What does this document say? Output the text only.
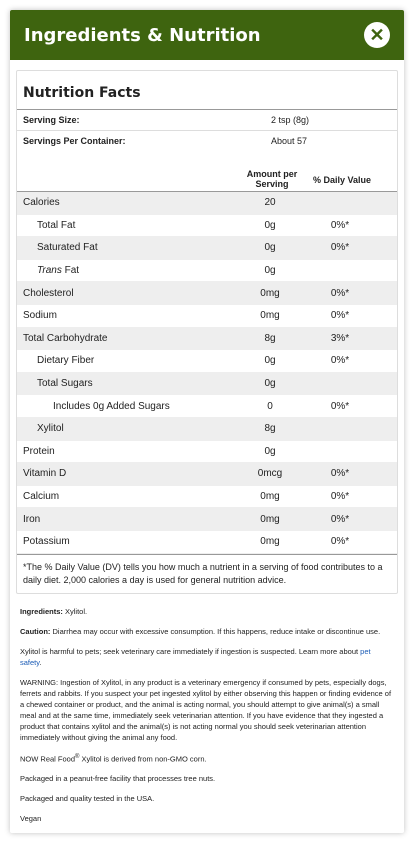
Ingredients & Nutrition	✕
Nutrition Facts
Serving Size:	2 tsp (8g)
Servings Per Container:	About 57
Amount per Serving	% Daily Value
Calories	20
Total Fat	0g	0%*
Saturated Fat	0g	0%*
Trans Fat	0g
Cholesterol	0mg	0%*
Sodium	0mg	0%*
Total Carbohydrate	8g	3%*
Dietary Fiber	0g	0%*
Total Sugars	0g
Includes 0g Added Sugars	0	0%*
Xylitol	8g
Protein	0g
Vitamin D	0mcg	0%*
Calcium	0mg	0%*
Iron	0mg	0%*
Potassium	0mg	0%*
*The % Daily Value (DV) tells you how much a nutrient in a serving of food contributes to a daily diet. 2,000 calories a day is used for general nutrition advice.

Ingredients: Xylitol.

Caution: Diarrhea may occur with excessive consumption. If this happens, reduce intake or discontinue use.

Xylitol is harmful to pets; seek veterinary care immediately if ingestion is suspected. Learn more about pet safety.

WARNING: Ingestion of Xylitol, in any product is a veterinary emergency if consumed by pets, especially dogs, ferrets and rabbits. If you suspect your pet ingested xylitol by either observing this happen or finding evidence of a chewed container or product, and the animal is acting normal, you should attempt to give animal(s) a small meal and at the same time, immediately seek veterinarian attention. If you have evidence that they ingested a product that contains xylitol and the animal(s) is not acting normal you should seek veterinarian attention immediately without giving the animal any food.

NOW Real Food® Xylitol is derived from non-GMO corn.

Packaged in a peanut-free facility that processes tree nuts.

Packaged and quality tested in the USA.

Vegan
